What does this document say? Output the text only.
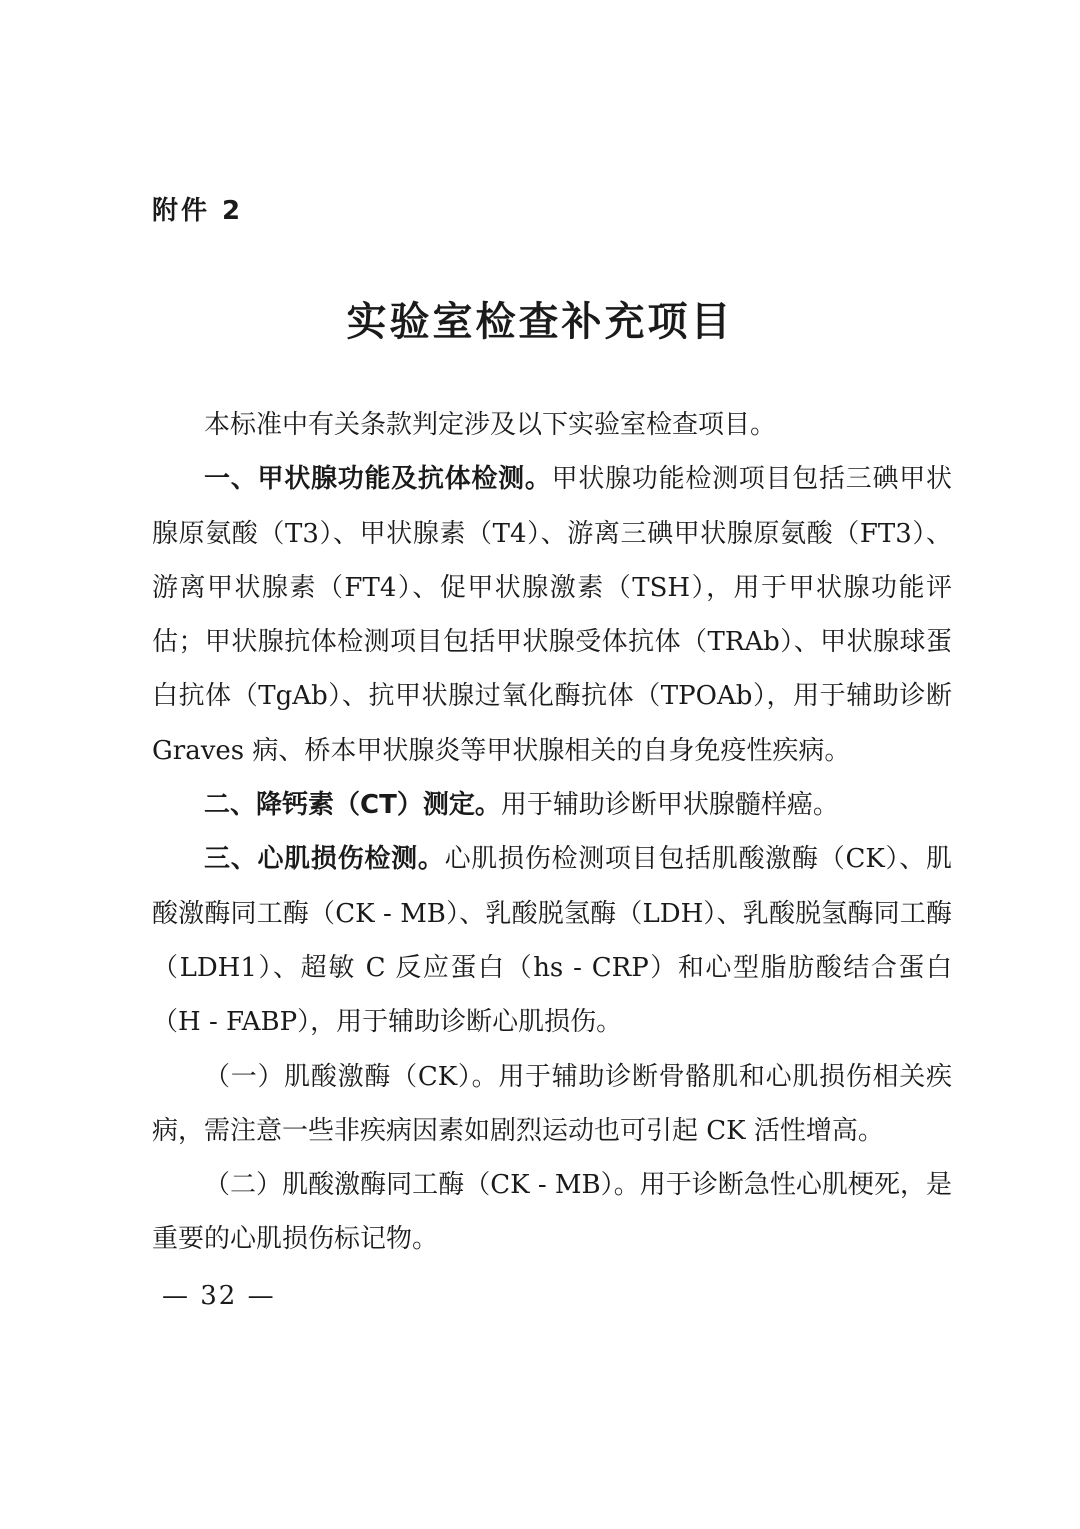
附件 2
实验室检查补充项目

本标准中有关条款判定涉及以下实验室检查项目。

一、甲状腺功能及抗体检测。甲状腺功能检测项目包括三碘甲状腺原氨酸（T3）、甲状腺素（T4）、游离三碘甲状腺原氨酸（FT3）、游离甲状腺素（FT4）、促甲状腺激素（TSH），用于甲状腺功能评估；甲状腺抗体检测项目包括甲状腺受体抗体（TRAb）、甲状腺球蛋白抗体（TgAb）、抗甲状腺过氧化酶抗体（TPOAb），用于辅助诊断 Graves 病、桥本甲状腺炎等甲状腺相关的自身免疫性疾病。

二、降钙素（CT）测定。用于辅助诊断甲状腺髓样癌。

三、心肌损伤检测。心肌损伤检测项目包括肌酸激酶（CK）、肌酸激酶同工酶（CK - MB）、乳酸脱氢酶（LDH）、乳酸脱氢酶同工酶（LDH1）、超敏 C 反应蛋白（hs - CRP）和心型脂肪酸结合蛋白（H - FABP），用于辅助诊断心肌损伤。

（一）肌酸激酶（CK）。用于辅助诊断骨骼肌和心肌损伤相关疾病，需注意一些非疾病因素如剧烈运动也可引起 CK 活性增高。

（二）肌酸激酶同工酶（CK - MB）。用于诊断急性心肌梗死，是重要的心肌损伤标记物。

— 32 —
